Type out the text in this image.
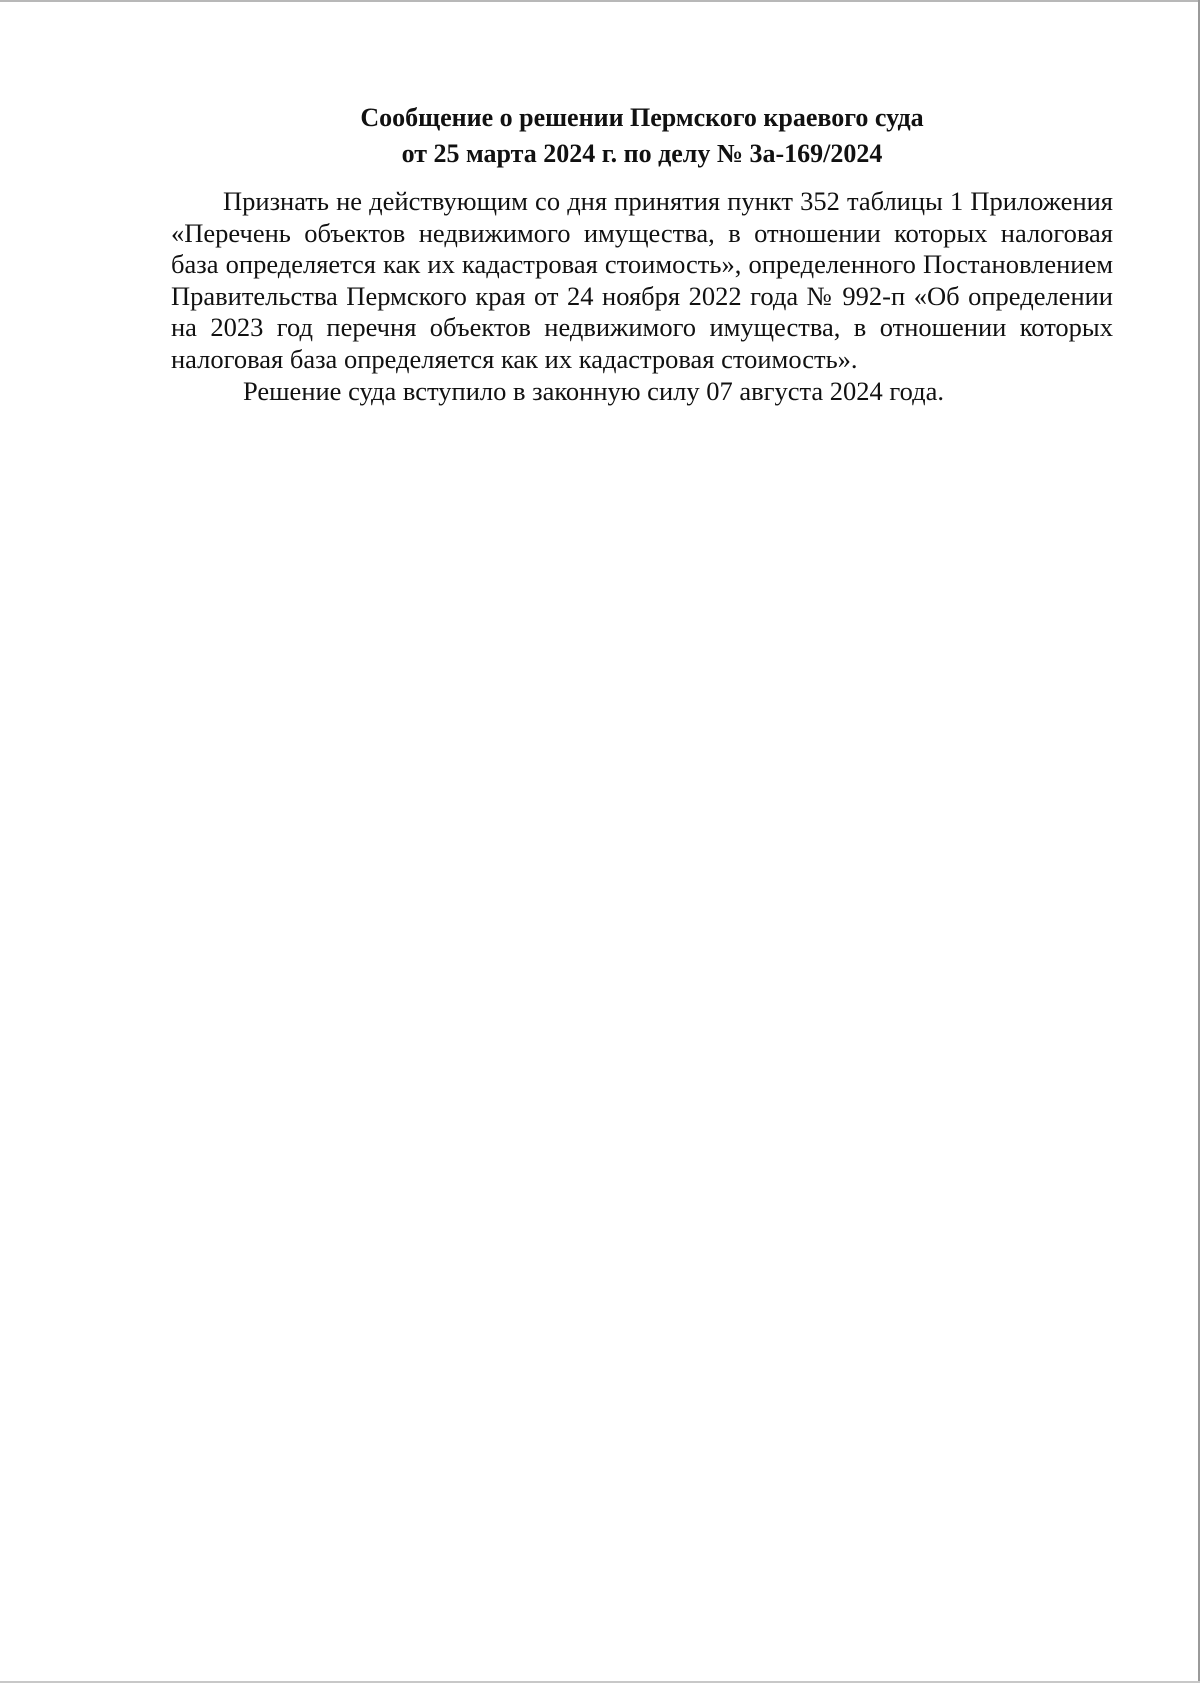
Сообщение о решении Пермского краевого суда
от 25 марта 2024 г. по делу № 3а-169/2024

Признать не действующим со дня принятия пункт 352 таблицы 1 Приложения «Перечень объектов недвижимого имущества, в отношении которых налоговая база определяется как их кадастровая стоимость», определенного Постановлением Правительства Пермского края от 24 ноября 2022 года № 992-п «Об определении на 2023 год перечня объектов недвижимого имущества, в отношении которых налоговая база определяется как их кадастровая стоимость».

Решение суда вступило в законную силу 07 августа 2024 года.
